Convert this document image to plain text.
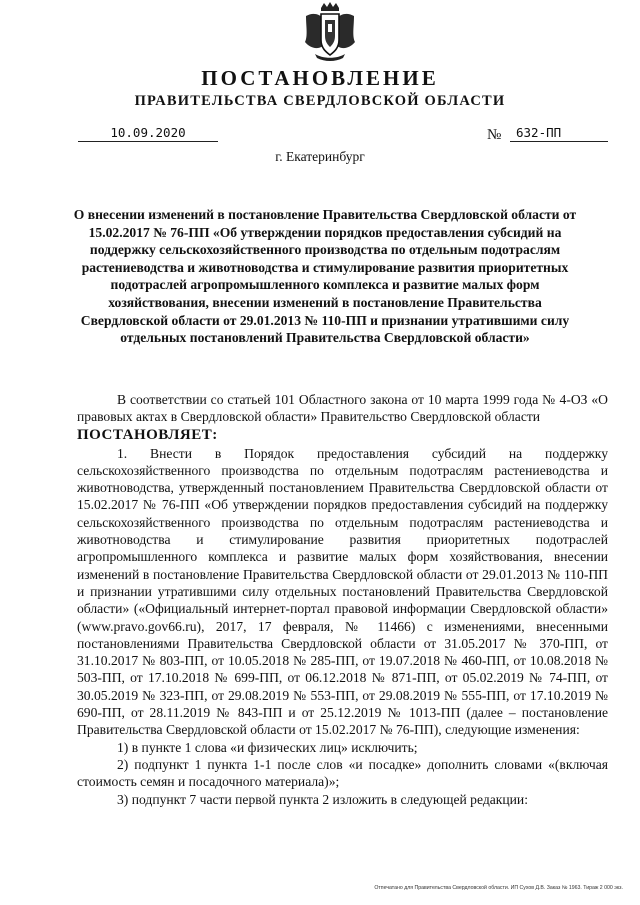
ПОСТАНОВЛЕНИЕ
ПРАВИТЕЛЬСТВА СВЕРДЛОВСКОЙ ОБЛАСТИ
10.09.2020	№	632-ПП
г. Екатеринбург
О внесении изменений в постановление Правительства Свердловской области от 15.02.2017 № 76-ПП «Об утверждении порядков предоставления субсидий на поддержку сельскохозяйственного производства по отдельным подотраслям растениеводства и животноводства и стимулирование развития приоритетных подотраслей агропромышленного комплекса и развитие малых форм хозяйствования, внесении изменений в постановление Правительства Свердловской области от 29.01.2013 № 110-ПП и признании утратившими силу отдельных постановлений Правительства Свердловской области»

В соответствии со статьей 101 Областного закона от 10 марта 1999 года № 4-ОЗ «О правовых актах в Свердловской области» Правительство Свердловской области

ПОСТАНОВЛЯЕТ:

1. Внести в Порядок предоставления субсидий на поддержку сельскохозяйственного производства по отдельным подотраслям растениеводства и животноводства, утвержденный постановлением Правительства Свердловской области от 15.02.2017 № 76-ПП «Об утверждении порядков предоставления субсидий на поддержку сельскохозяйственного производства по отдельным подотраслям растениеводства и животноводства и стимулирование развития приоритетных подотраслей агропромышленного комплекса и развитие малых форм хозяйствования, внесении изменений в постановление Правительства Свердловской области от 29.01.2013 № 110-ПП и признании утратившими силу отдельных постановлений Правительства Свердловской области» («Официальный интернет-портал правовой информации Свердловской области» (www.pravo.gov66.ru), 2017, 17 февраля, № 11466) с изменениями, внесенными постановлениями Правительства Свердловской области от 31.05.2017 № 370-ПП, от 31.10.2017 № 803-ПП, от 10.05.2018 № 285-ПП, от 19.07.2018 № 460-ПП, от 10.08.2018 № 503-ПП, от 17.10.2018 № 699-ПП, от 06.12.2018 № 871-ПП, от 05.02.2019 № 74-ПП, от 30.05.2019 № 323-ПП, от 29.08.2019 № 553-ПП, от 29.08.2019 № 555-ПП, от 17.10.2019 № 690-ПП, от 28.11.2019 № 843-ПП и от 25.12.2019 № 1013-ПП (далее – постановление Правительства Свердловской области от 15.02.2017 № 76-ПП), следующие изменения:

1) в пункте 1 слова «и физических лиц» исключить;

2) подпункт 1 пункта 1-1 после слов «и посадке» дополнить словами «(включая стоимость семян и посадочного материала)»;

3) подпункт 7 части первой пункта 2 изложить в следующей редакции:

Отпечатано для Правительства Свердловской области. ИП Сухов Д.В. Заказ № 1963. Тираж 2 000 экз.
